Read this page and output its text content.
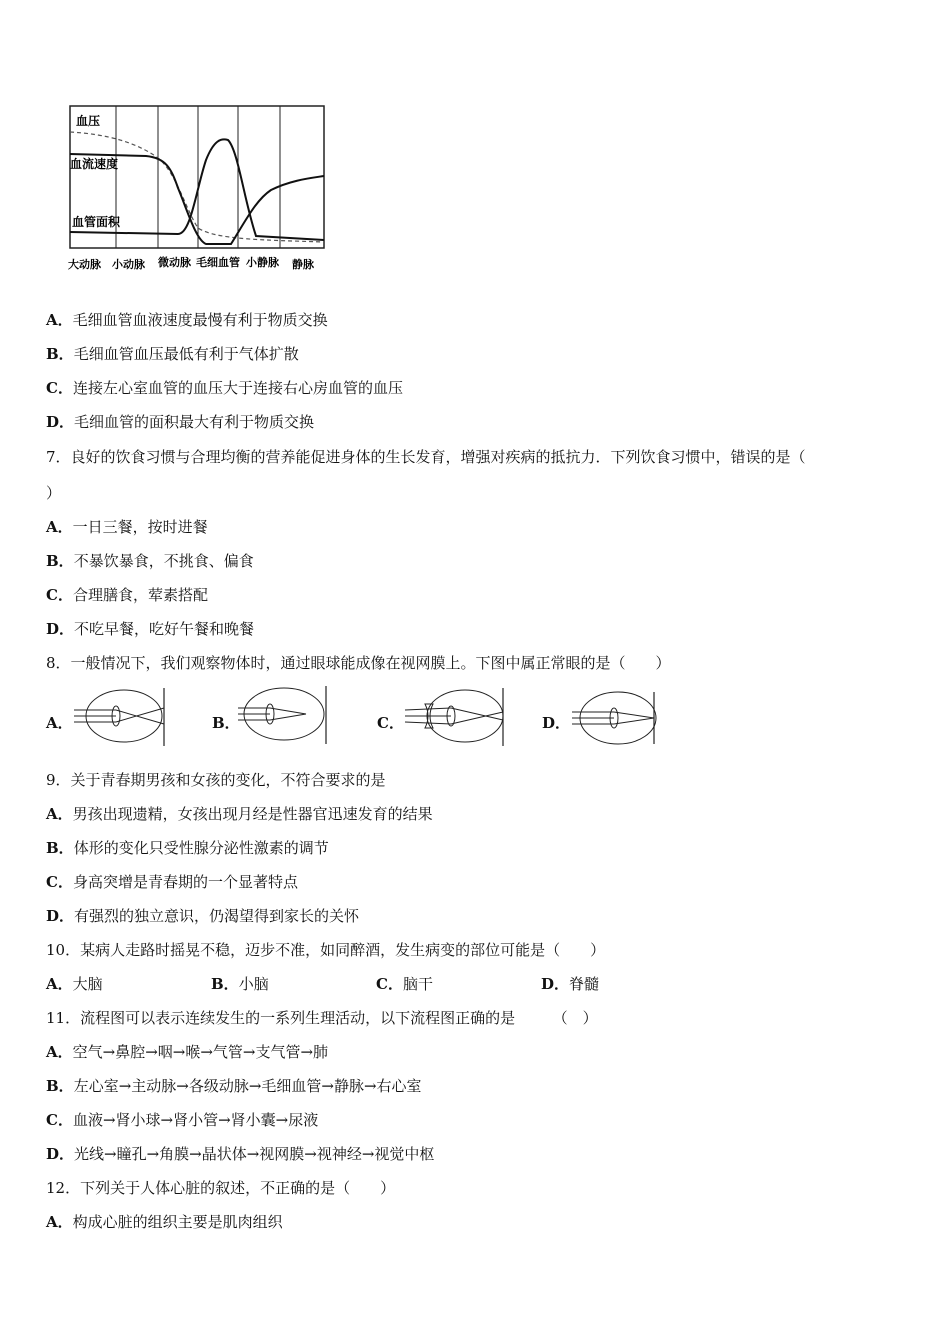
血压
血流速度
血管面积
大动脉 小动脉 微动脉 毛细血管 小静脉 静脉
A．毛细血管血液速度最慢有利于物质交换
B．毛细血管血压最低有利于气体扩散
C．连接左心室血管的血压大于连接右心房血管的血压
D．毛细血管的面积最大有利于物质交换
7．良好的饮食习惯与合理均衡的营养能促进身体的生长发育，增强对疾病的抵抗力．下列饮食习惯中，错误的是（
）
A．一日三餐，按时进餐
B．不暴饮暴食，不挑食、偏食
C．合理膳食，荤素搭配
D．不吃早餐，吃好午餐和晚餐
8．一般情况下，我们观察物体时，通过眼球能成像在视网膜上。下图中属正常眼的是（　　）
A．	B．	C．	D．
9．关于青春期男孩和女孩的变化，不符合要求的是
A．男孩出现遗精，女孩出现月经是性器官迅速发育的结果
B．体形的变化只受性腺分泌性激素的调节
C．身高突增是青春期的一个显著特点
D．有强烈的独立意识，仍渴望得到家长的关怀
10．某病人走路时摇晃不稳，迈步不准，如同醉酒，发生病变的部位可能是（　　）
A．大脑	B．小脑	C．脑干	D．脊髓
11．流程图可以表示连续发生的一系列生理活动，以下流程图正确的是　　　（　）
A．空气→鼻腔→咽→喉→气管→支气管→肺
B．左心室→主动脉→各级动脉→毛细血管→静脉→右心室
C．血液→肾小球→肾小管→肾小囊→尿液
D．光线→瞳孔→角膜→晶状体→视网膜→视神经→视觉中枢
12．下列关于人体心脏的叙述，不正确的是（　　）
A．构成心脏的组织主要是肌肉组织
